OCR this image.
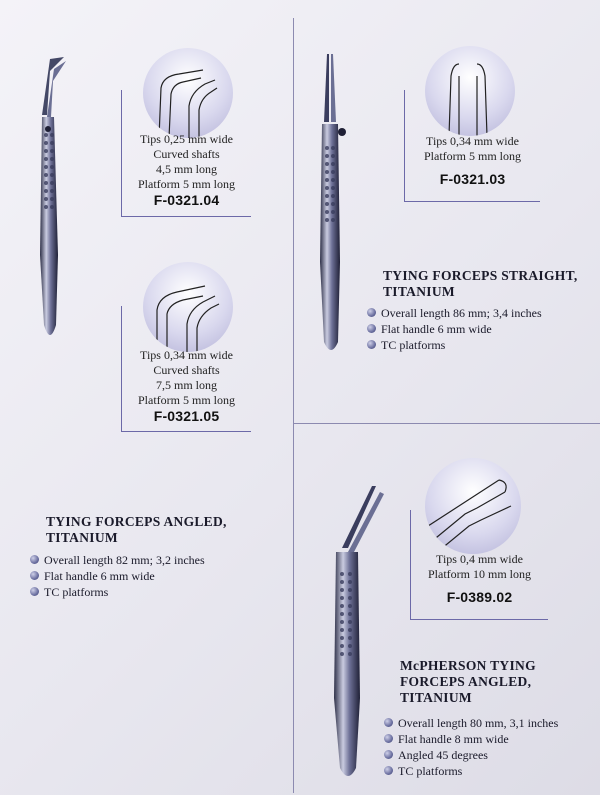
Tips 0,25 mm wide
Curved shafts
4,5 mm long
Platform 5 mm long
F-0321.04
Tips 0,34 mm wide
Curved shafts
7,5 mm long
Platform 5 mm long
F-0321.05

TYING FORCEPS ANGLED,
TITANIUM
Overall length 82 mm; 3,2 inches
Flat handle 6 mm wide
TC platforms
Tips 0,34 mm wide
Platform 5 mm long
F-0321.03
TYING FORCEPS STRAIGHT,
TITANIUM
Overall length 86 mm; 3,4 inches
Flat handle 6 mm wide
TC platforms
Tips 0,4 mm wide
Platform 10 mm long
F-0389.02
McPHERSON TYING
FORCEPS ANGLED,
TITANIUM
Overall length 80 mm, 3,1 inches
Flat handle 8 mm wide
Angled 45 degrees
TC platforms
